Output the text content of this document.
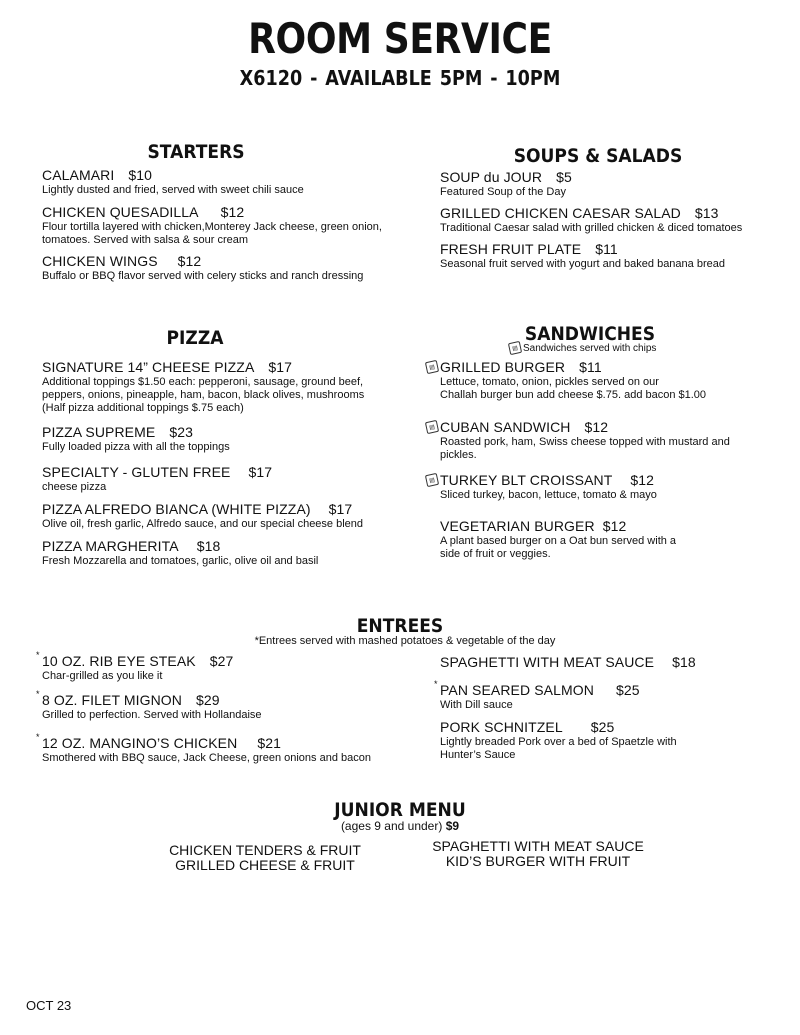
ROOM SERVICE
X6120 - AVAILABLE 5PM - 10PM
STARTERS
CALAMARI $10
Lightly dusted and fried, served with sweet chili sauce
CHICKEN QUESADILLA $12
Flour tortilla layered with chicken,Monterey Jack cheese, green onion, tomatoes. Served with salsa & sour cream
CHICKEN WINGS $12
Buffalo or BBQ flavor served with celery sticks and ranch dressing
SOUPS & SALADS
SOUP du JOUR $5
Featured Soup of the Day
GRILLED CHICKEN CAESAR SALAD $13
Traditional Caesar salad with grilled chicken & diced tomatoes
FRESH FRUIT PLATE $11
Seasonal fruit served with yogurt and baked banana bread
PIZZA
SIGNATURE 14” CHEESE PIZZA $17
Additional toppings $1.50 each: pepperoni, sausage, ground beef, peppers, onions, pineapple, ham, bacon, black olives, mushrooms (Half pizza additional toppings $.75 each)
PIZZA SUPREME $23
Fully loaded pizza with all the toppings
SPECIALTY - GLUTEN FREE $17
cheese pizza
PIZZA ALFREDO BIANCA (WHITE PIZZA) $17
Olive oil, fresh garlic, Alfredo sauce, and our special cheese blend
PIZZA MARGHERITA $18
Fresh Mozzarella and tomatoes, garlic, olive oil and basil
SANDWICHES
▤ Sandwiches served with chips
▤ GRILLED BURGER $11
Lettuce, tomato, onion, pickles served on our
Challah burger bun add cheese $.75. add bacon $1.00
▤ CUBAN SANDWICH $12
Roasted pork, ham, Swiss cheese topped with mustard and pickles.
▤ TURKEY BLT CROISSANT $12
Sliced turkey, bacon, lettuce, tomato & mayo
VEGETARIAN BURGER $12
A plant based burger on a Oat bun served with a side of fruit or veggies.
ENTREES
*Entrees served with mashed potatoes & vegetable of the day
* 10 OZ. RIB EYE STEAK $27
Char-grilled as you like it
* 8 OZ. FILET MIGNON $29
Grilled to perfection. Served with Hollandaise
* 12 OZ. MANGINO’S CHICKEN $21
Smothered with BBQ sauce, Jack Cheese, green onions and bacon
SPAGHETTI WITH MEAT SAUCE $18
* PAN SEARED SALMON $25
With Dill sauce
PORK SCHNITZEL $25
Lightly breaded Pork over a bed of Spaetzle with Hunter’s Sauce
JUNIOR MENU
(ages 9 and under) $9
CHICKEN TENDERS & FRUIT
GRILLED CHEESE & FRUIT
SPAGHETTI WITH MEAT SAUCE
KID’S BURGER WITH FRUIT
OCT 23
